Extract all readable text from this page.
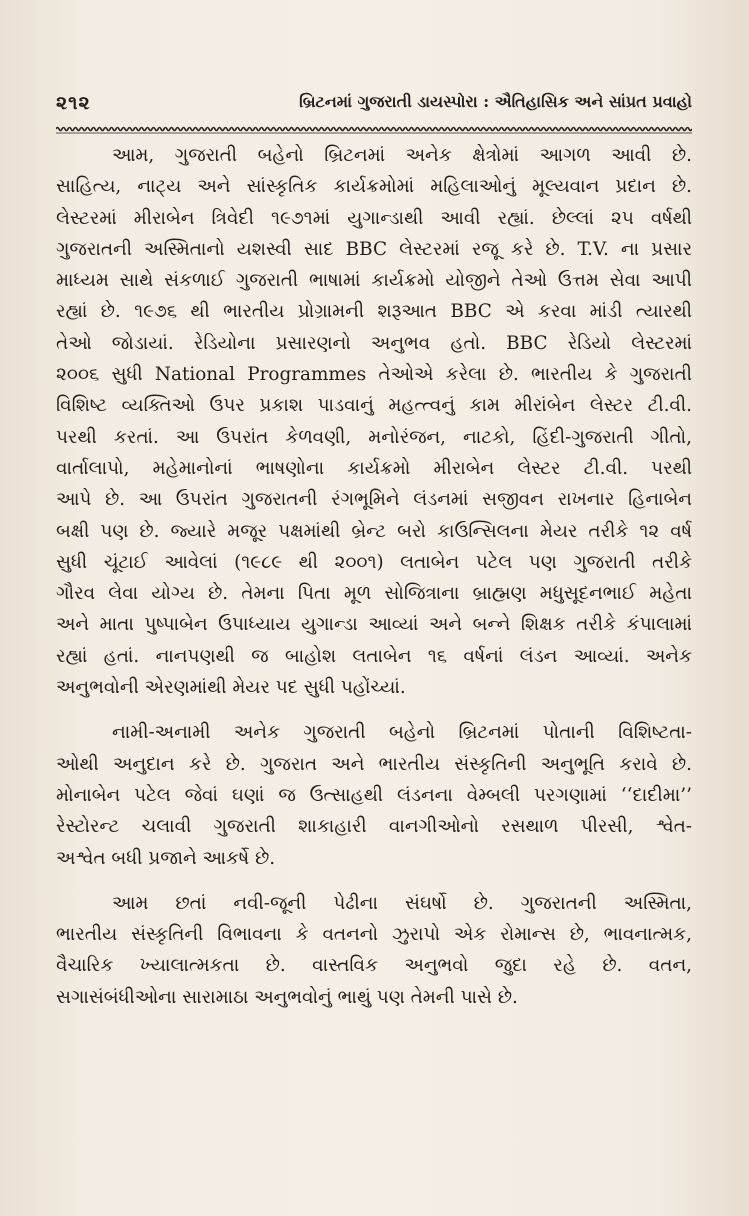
૨૧૨	બ્રિટનમાં ગુજરાતી ડાયસ્પોરા : ઐતિહાસિક અને સાંપ્રત પ્રવાહો
આમ, ગુજરાતી બહેનો બ્રિટનમાં અનેક ક્ષેત્રોમાં આગળ આવી છે.
સાહિત્ય, નાટ્ય અને સાંસ્કૃતિક કાર્યક્રમોમાં મહિલાઓનું મૂલ્યવાન પ્રદાન છે.
લેસ્ટરમાં મીરાબેન ત્રિવેદી ૧૯૭૧માં યુગાન્ડાથી આવી રહ્યાં. છેલ્લાં ૨૫ વર્ષથી
ગુજરાતની અસ્મિતાનો યશસ્વી સાદ BBC લેસ્ટરમાં રજૂ કરે છે. T.V. ના પ્રસાર
માધ્યમ સાથે સંકળાઈ ગુજરાતી ભાષામાં કાર્યક્રમો યોજીને તેઓ ઉત્તમ સેવા આપી
રહ્યાં છે. ૧૯૭૬ થી ભારતીય પ્રોગ્રામની શરૂઆત BBC એ કરવા માંડી ત્યારથી
તેઓ જોડાયાં. રેડિયોના પ્રસારણનો અનુભવ હતો. BBC રેડિયો લેસ્ટરમાં
૨૦૦૬ સુધી National Programmes તેઓએ કરેલા છે. ભારતીય કે ગુજરાતી
વિશિષ્ટ વ્યક્તિઓ ઉપર પ્રકાશ પાડવાનું મહત્ત્વનું કામ મીરાંબેન લેસ્ટર ટી.વી.
પરથી કરતાં. આ ઉપરાંત કેળવણી, મનોરંજન, નાટકો, હિંદી-ગુજરાતી ગીતો,
વાર્તાલાપો, મહેમાનોનાં ભાષણોના કાર્યક્રમો મીરાબેન લેસ્ટર ટી.વી. પરથી
આપે છે. આ ઉપરાંત ગુજરાતની રંગભૂમિને લંડનમાં સજીવન રાખનાર હિનાબેન
બક્ષી પણ છે. જ્યારે મજૂર પક્ષમાંથી બ્રેન્ટ બરો કાઉન્સિલના મેયર તરીકે ૧૨ વર્ષ
સુધી ચૂંટાઈ આવેલાં (૧૯૮૯ થી ૨૦૦૧) લતાબેન પટેલ પણ ગુજરાતી તરીકે
ગૌરવ લેવા યોગ્ય છે. તેમના પિતા મૂળ સોજિત્રાના બ્રાહ્મણ મધુસૂદનભાઈ મહેતા
અને માતા પુષ્પાબેન ઉપાધ્યાય યુગાન્ડા આવ્યાં અને બન્ને શિક્ષક તરીકે કંપાલામાં
રહ્યાં હતાં. નાનપણથી જ બાહોશ લતાબેન ૧૬ વર્ષનાં લંડન આવ્યાં. અનેક
અનુભવોની એરણમાંથી મેયર પદ સુધી પહોંચ્યાં.
નામી-અનામી અનેક ગુજરાતી બહેનો બ્રિટનમાં પોતાની વિશિષ્ટતા-
ઓથી અનુદાન કરે છે. ગુજરાત અને ભારતીય સંસ્કૃતિની અનુભૂતિ કરાવે છે.
મોનાબેન પટેલ જેવાં ઘણાં જ ઉત્સાહથી લંડનના વેમ્બલી પરગણામાં ‘‘દાદીમા’’
રેસ્ટોરન્ટ ચલાવી ગુજરાતી શાકાહારી વાનગીઓનો રસથાળ પીરસી, શ્વેત-
અશ્વેત બધી પ્રજાને આકર્ષે છે.
આમ છતાં નવી-જૂની પેઢીના સંઘર્ષો છે. ગુજરાતની અસ્મિતા,
ભારતીય સંસ્કૃતિની વિભાવના કે વતનનો ઝુરાપો એક રોમાન્સ છે, ભાવનાત્મક,
વૈચારિક ખ્યાલાત્મકતા છે. વાસ્તવિક અનુભવો જુદા રહે છે. વતન,
સગાસંબંધીઓના સારામાઠા અનુભવોનું ભાથું પણ તેમની પાસે છે.
